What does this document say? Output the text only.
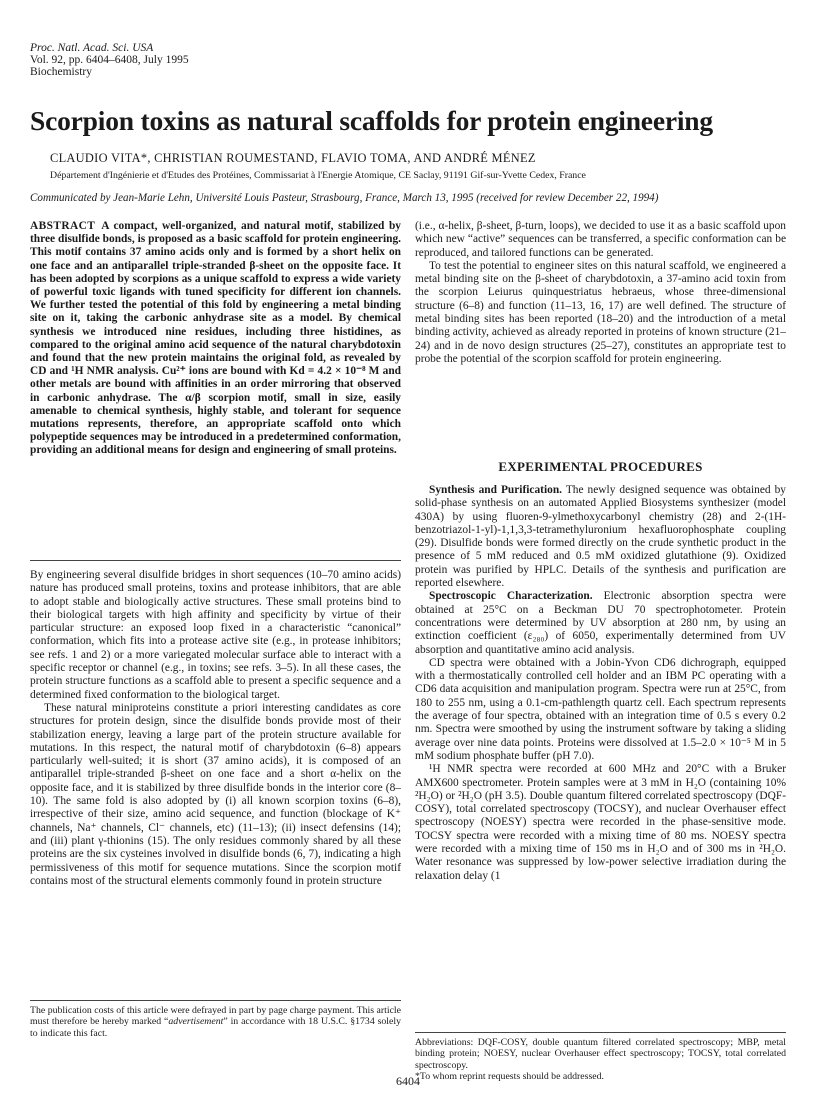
Proc. Natl. Acad. Sci. USA
Vol. 92, pp. 6404–6408, July 1995
Biochemistry
Scorpion toxins as natural scaffolds for protein engineering
CLAUDIO VITA*, CHRISTIAN ROUMESTAND, FLAVIO TOMA, AND ANDRÉ MÉNEZ
Département d'Ingénierie et d'Etudes des Protéines, Commissariat à l'Energie Atomique, CE Saclay, 91191 Gif-sur-Yvette Cedex, France
Communicated by Jean-Marie Lehn, Université Louis Pasteur, Strasbourg, France, March 13, 1995 (received for review December 22, 1994)

ABSTRACT A compact, well-organized, and natural motif, stabilized by three disulfide bonds, is proposed as a basic scaffold for protein engineering. This motif contains 37 amino acids only and is formed by a short helix on one face and an antiparallel triple-stranded β-sheet on the opposite face. It has been adopted by scorpions as a unique scaffold to express a wide variety of powerful toxic ligands with tuned specificity for different ion channels. We further tested the potential of this fold by engineering a metal binding site on it, taking the carbonic anhydrase site as a model. By chemical synthesis we introduced nine residues, including three histidines, as compared to the original amino acid sequence of the natural charybdotoxin and found that the new protein maintains the original fold, as revealed by CD and ¹H NMR analysis. Cu²⁺ ions are bound with Kd = 4.2 × 10⁻⁸ M and other metals are bound with affinities in an order mirroring that observed in carbonic anhydrase. The α/β scorpion motif, small in size, easily amenable to chemical synthesis, highly stable, and tolerant for sequence mutations represents, therefore, an appropriate scaffold onto which polypeptide sequences may be introduced in a predetermined conformation, providing an additional means for design and engineering of small proteins.

By engineering several disulfide bridges in short sequences (10–70 amino acids) nature has produced small proteins, toxins and protease inhibitors, that are able to adopt stable and biologically active structures. These small proteins bind to their biological targets with high affinity and specificity by virtue of their particular structure: an exposed loop fixed in a characteristic “canonical” conformation, which fits into a protease active site (e.g., in protease inhibitors; see refs. 1 and 2) or a more variegated molecular surface able to interact with a specific receptor or channel (e.g., in toxins; see refs. 3–5). In all these cases, the protein structure functions as a scaffold able to present a specific sequence and a determined fixed conformation to the biological target.

These natural miniproteins constitute a priori interesting candidates as core structures for protein design, since the disulfide bonds provide most of their stabilization energy, leaving a large part of the protein structure available for mutations. In this respect, the natural motif of charybdotoxin (6–8) appears particularly well-suited; it is short (37 amino acids), it is composed of an antiparallel triple-stranded β-sheet on one face and a short α-helix on the opposite face, and it is stabilized by three disulfide bonds in the interior core (8–10). The same fold is also adopted by (i) all known scorpion toxins (6–8), irrespective of their size, amino acid sequence, and function (blockage of K⁺ channels, Na⁺ channels, Cl⁻ channels, etc) (11–13); (ii) insect defensins (14); and (iii) plant γ-thionins (15). The only residues commonly shared by all these proteins are the six cysteines involved in disulfide bonds (6, 7), indicating a high permissiveness of this motif for sequence mutations. Since the scorpion motif contains most of the structural elements commonly found in protein structure

(i.e., α-helix, β-sheet, β-turn, loops), we decided to use it as a basic scaffold upon which new “active” sequences can be transferred, a specific conformation can be reproduced, and tailored functions can be generated.

To test the potential to engineer sites on this natural scaffold, we engineered a metal binding site on the β-sheet of charybdotoxin, a 37-amino acid toxin from the scorpion Leiurus quinquestriatus hebraeus, whose three-dimensional structure (6–8) and function (11–13, 16, 17) are well defined. The structure of metal binding sites has been reported (18–20) and the introduction of a metal binding activity, achieved as already reported in proteins of known structure (21–24) and in de novo design structures (25–27), constitutes an appropriate test to probe the potential of the scorpion scaffold for protein engineering.

EXPERIMENTAL PROCEDURES

Synthesis and Purification. The newly designed sequence was obtained by solid-phase synthesis on an automated Applied Biosystems synthesizer (model 430A) by using fluoren-9-ylmethoxycarbonyl chemistry (28) and 2-(1H-benzotriazol-1-yl)-1,1,3,3-tetramethyluronium hexafluorophosphate coupling (29). Disulfide bonds were formed directly on the crude synthetic product in the presence of 5 mM reduced and 0.5 mM oxidized glutathione (9). Oxidized protein was purified by HPLC. Details of the synthesis and purification are reported elsewhere.

Spectroscopic Characterization. Electronic absorption spectra were obtained at 25°C on a Beckman DU 70 spectrophotometer. Protein concentrations were determined by UV absorption at 280 nm, by using an extinction coefficient (ε₂₈₀) of 6050, experimentally determined from UV absorption and quantitative amino acid analysis.

CD spectra were obtained with a Jobin-Yvon CD6 dichrograph, equipped with a thermostatically controlled cell holder and an IBM PC operating with a CD6 data acquisition and manipulation program. Spectra were run at 25°C, from 180 to 255 nm, using a 0.1-cm-pathlength quartz cell. Each spectrum represents the average of four spectra, obtained with an integration time of 0.5 s every 0.2 nm. Spectra were smoothed by using the instrument software by taking a sliding average over nine data points. Proteins were dissolved at 1.5–2.0 × 10⁻⁵ M in 5 mM sodium phosphate buffer (pH 7.0).

¹H NMR spectra were recorded at 600 MHz and 20°C with a Bruker AMX600 spectrometer. Protein samples were at 3 mM in H₂O (containing 10% ²H₂O) or ²H₂O (pH 3.5). Double quantum filtered correlated spectroscopy (DQF-COSY), total correlated spectroscopy (TOCSY), and nuclear Overhauser effect spectroscopy (NOESY) spectra were recorded in the phase-sensitive mode. TOCSY spectra were recorded with a mixing time of 80 ms. NOESY spectra were recorded with a mixing time of 150 ms in H₂O and of 300 ms in ²H₂O. Water resonance was suppressed by low-power selective irradiation during the relaxation delay (1

The publication costs of this article were defrayed in part by page charge payment. This article must therefore be hereby marked “advertisement” in accordance with 18 U.S.C. §1734 solely to indicate this fact.
Abbreviations: DQF-COSY, double quantum filtered correlated spectroscopy; MBP, metal binding protein; NOESY, nuclear Overhauser effect spectroscopy; TOCSY, total correlated spectroscopy.
*To whom reprint requests should be addressed.
6404
